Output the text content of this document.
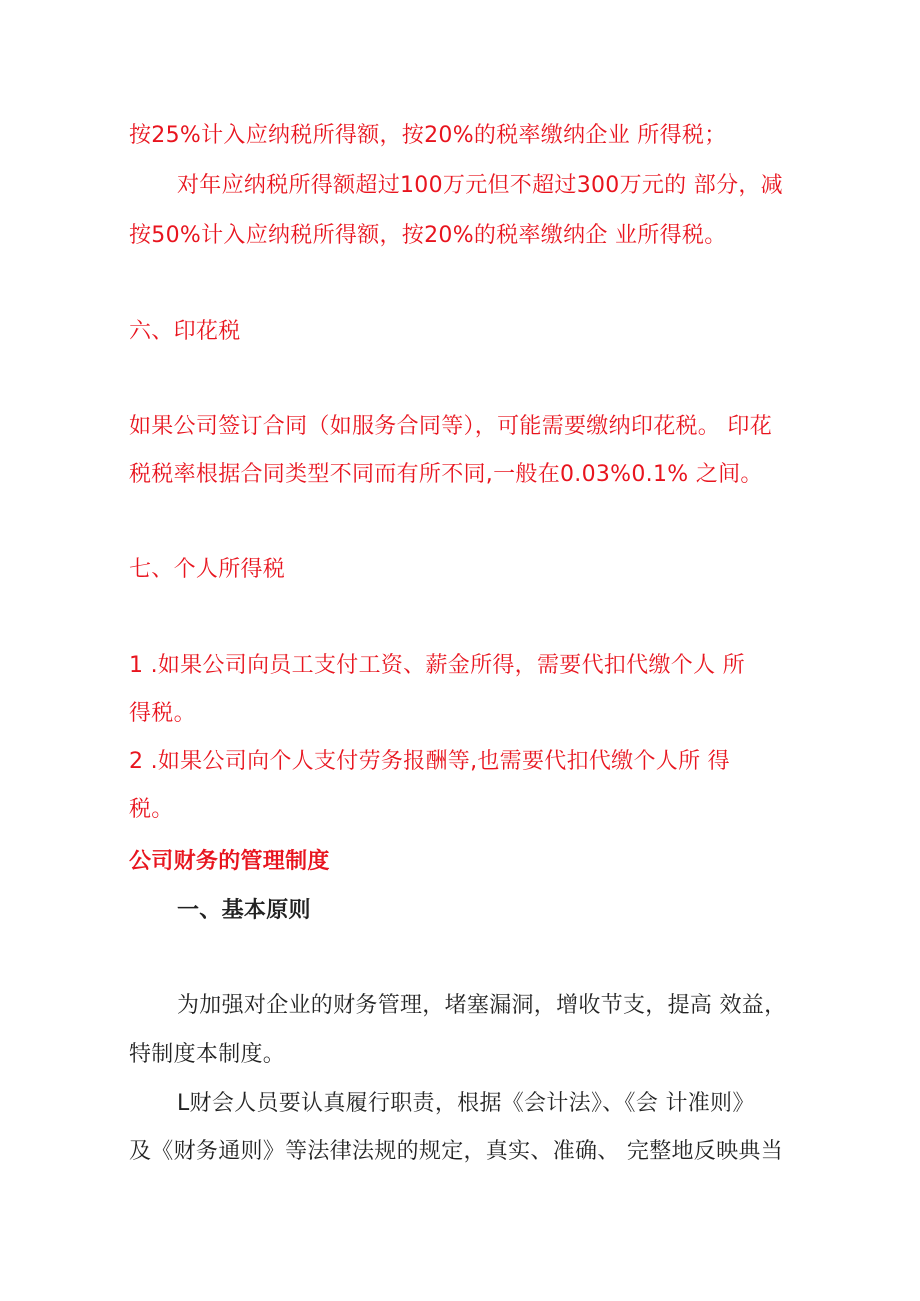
按25%计入应纳税所得额，按20%的税率缴纳企业 所得税；
对年应纳税所得额超过100万元但不超过300万元的 部分，减
按50%计入应纳税所得额，按20%的税率缴纳企 业所得税。
六、印花税
如果公司签订合同（如服务合同等），可能需要缴纳印花税。 印花
税税率根据合同类型不同而有所不同,一般在0.03%0.1% 之间。
七、个人所得税
1 .如果公司向员工支付工资、薪金所得，需要代扣代缴个人 所
得税。
2 .如果公司向个人支付劳务报酬等,也需要代扣代缴个人所 得
税。
公司财务的管理制度
一、基本原则
为加强对企业的财务管理，堵塞漏洞，增收节支，提高 效益，
特制度本制度。
L财会人员要认真履行职责，根据《会计法》、《会 计准则》
及《财务通则》等法律法规的规定，真实、准确、 完整地反映典当
